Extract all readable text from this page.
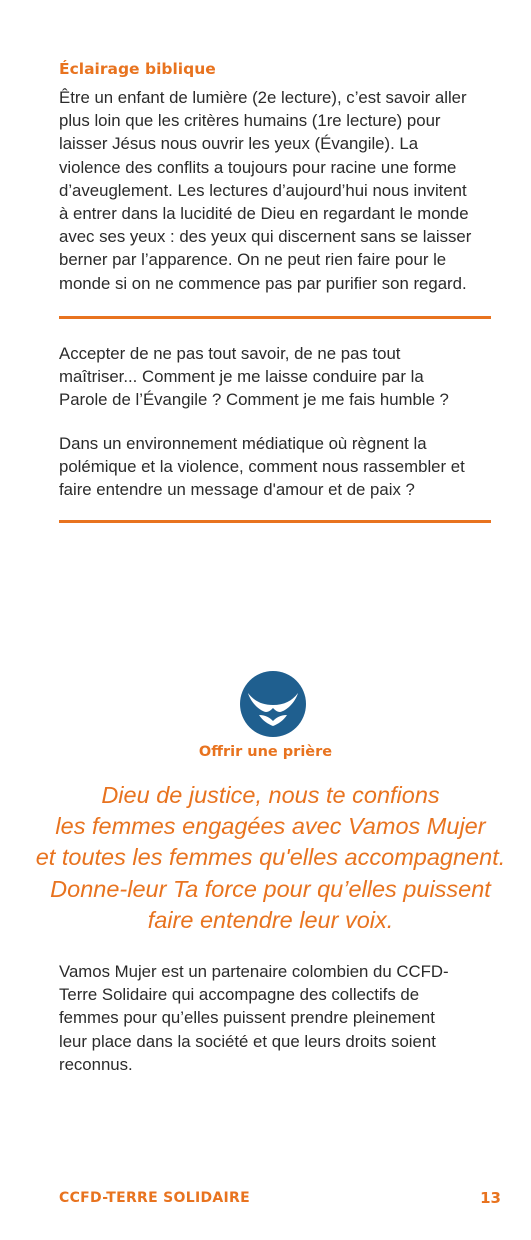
Éclairage biblique
Être un enfant de lumière (2e lecture), c’est savoir aller
plus loin que les critères humains (1re lecture) pour
laisser Jésus nous ouvrir les yeux (Évangile). La
violence des conflits a toujours pour racine une forme
d’aveuglement. Les lectures d’aujourd’hui nous invitent
à entrer dans la lucidité de Dieu en regardant le monde
avec ses yeux : des yeux qui discernent sans se laisser
berner par l’apparence. On ne peut rien faire pour le
monde si on ne commence pas par purifier son regard.
Accepter de ne pas tout savoir, de ne pas tout
maîtriser... Comment je me laisse conduire par la
Parole de l’Évangile ? Comment je me fais humble ?
Dans un environnement médiatique où règnent la
polémique et la violence, comment nous rassembler et
faire entendre un message d'amour et de paix ?
Offrir une prière
Dieu de justice, nous te confions
les femmes engagées avec Vamos Mujer
et toutes les femmes qu'elles accompagnent.
Donne-leur Ta force pour qu’elles puissent
faire entendre leur voix.
Vamos Mujer est un partenaire colombien du CCFD-
Terre Solidaire qui accompagne des collectifs de
femmes pour qu’elles puissent prendre pleinement
leur place dans la société et que leurs droits soient
reconnus.

CCFD-TERRE SOLIDAIRE	13
